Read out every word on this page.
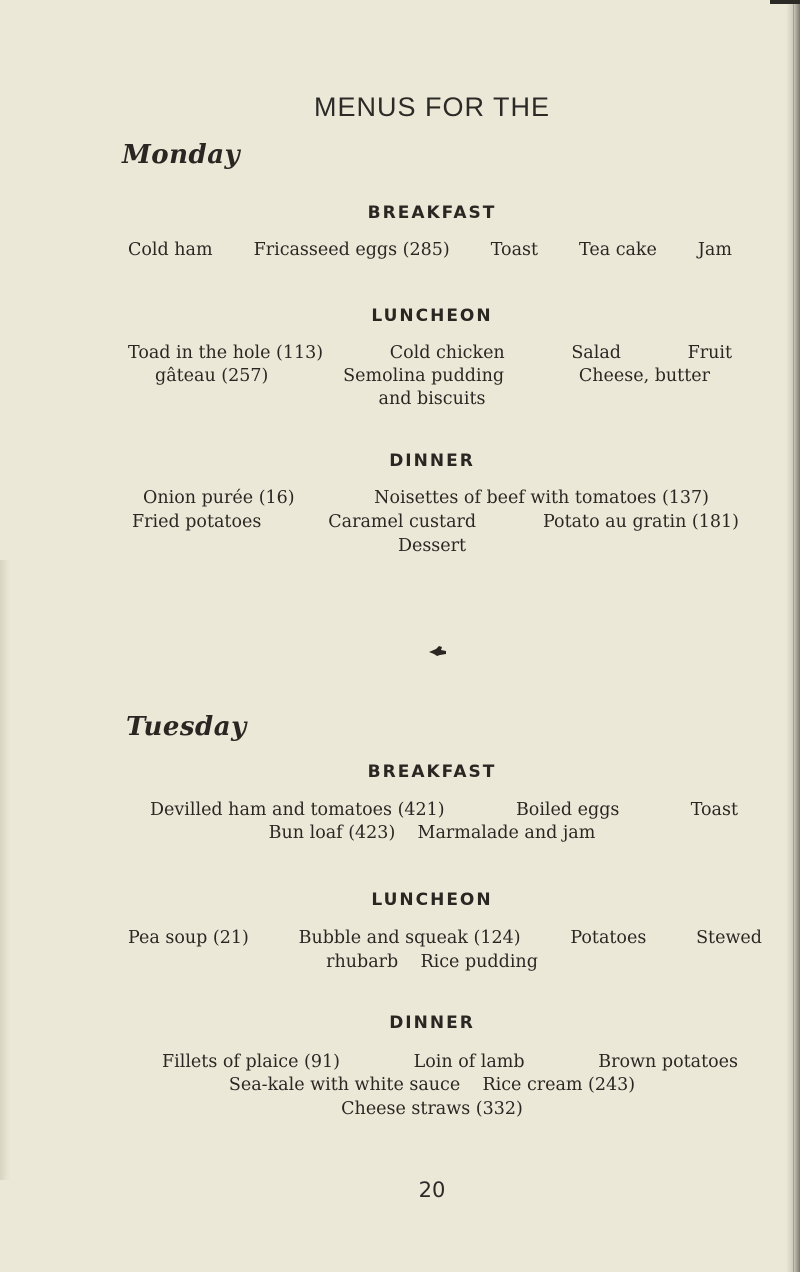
MENUS FOR THE
Monday
BREAKFAST
Cold ham Fricasseed eggs (285) Toast Tea cake Jam
LUNCHEON
Toad in the hole (113)	Cold chicken	Salad	Fruit
gâteau (257)	Semolina pudding	Cheese, butter
and biscuits
DINNER
Onion purée (16)	Noisettes of beef with tomatoes (137)
Fried potatoes	Caramel custard	Potato au gratin (181)
Dessert
Tuesday
BREAKFAST
Devilled ham and tomatoes (421)	Boiled eggs	Toast
Bun loaf (423)    Marmalade and jam
LUNCHEON
Pea soup (21)	Bubble and squeak (124)	Potatoes	Stewed
rhubarb    Rice pudding
DINNER
Fillets of plaice (91)	Loin of lamb	Brown potatoes
Sea-kale with white sauce    Rice cream (243)
Cheese straws (332)
20
